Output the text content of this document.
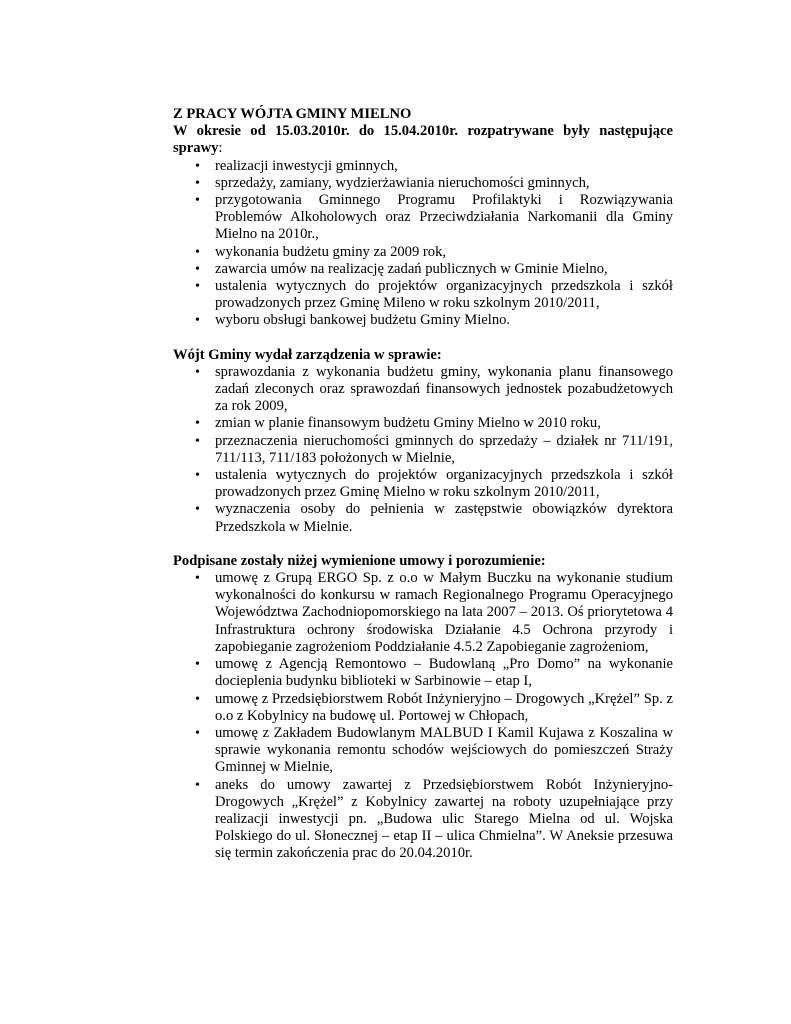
Z PRACY WÓJTA GMINY MIELNO

W okresie od 15.03.2010r. do 15.04.2010r. rozpatrywane były następujące sprawy:

• realizacji inwestycji gminnych,
• sprzedaży, zamiany, wydzierżawiania nieruchomości gminnych,
• przygotowania Gminnego Programu Profilaktyki i Rozwiązywania Problemów Alkoholowych oraz Przeciwdziałania Narkomanii dla Gminy Mielno na 2010r.,
• wykonania budżetu gminy za 2009 rok,
• zawarcia umów na realizację zadań publicznych w Gminie Mielno,
• ustalenia wytycznych do projektów organizacyjnych przedszkola i szkół prowadzonych przez Gminę Mileno w roku szkolnym 2010/2011,
• wyboru obsługi bankowej budżetu Gminy Mielno.

Wójt Gminy wydał zarządzenia w sprawie:

• sprawozdania z wykonania budżetu gminy, wykonania planu finansowego zadań zleconych oraz sprawozdań finansowych jednostek pozabudżetowych za rok 2009,
• zmian w planie finansowym budżetu Gminy Mielno w 2010 roku,
• przeznaczenia nieruchomości gminnych do sprzedaży – działek nr 711/191, 711/113, 711/183 położonych w Mielnie,
• ustalenia wytycznych do projektów organizacyjnych przedszkola i szkół prowadzonych przez Gminę Mielno w roku szkolnym 2010/2011,
• wyznaczenia osoby do pełnienia w zastępstwie obowiązków dyrektora Przedszkola w Mielnie.

Podpisane zostały niżej wymienione umowy i porozumienie:

• umowę z Grupą ERGO Sp. z o.o w Małym Buczku na wykonanie studium wykonalności do konkursu w ramach Regionalnego Programu Operacyjnego Województwa Zachodniopomorskiego na lata 2007 – 2013. Oś priorytetowa 4 Infrastruktura ochrony środowiska Działanie 4.5 Ochrona przyrody i zapobieganie zagrożeniom Poddziałanie 4.5.2 Zapobieganie zagrożeniom,
• umowę z Agencją Remontowo – Budowlaną „Pro Domo” na wykonanie docieplenia budynku biblioteki w Sarbinowie – etap I,
• umowę z Przedsiębiorstwem Robót Inżynieryjno – Drogowych „Krężel” Sp. z o.o z Kobylnicy na budowę ul. Portowej w Chłopach,
• umowę z Zakładem Budowlanym MALBUD I Kamil Kujawa z Koszalina w sprawie wykonania remontu schodów wejściowych do pomieszczeń Straży Gminnej w Mielnie,
• aneks do umowy zawartej z Przedsiębiorstwem Robót Inżynieryjno-Drogowych „Krężel” z Kobylnicy zawartej na roboty uzupełniające przy realizacji inwestycji pn. „Budowa ulic Starego Mielna od ul. Wojska Polskiego do ul. Słonecznej – etap II – ulica Chmielna”. W Aneksie przesuwa się termin zakończenia prac do 20.04.2010r.
